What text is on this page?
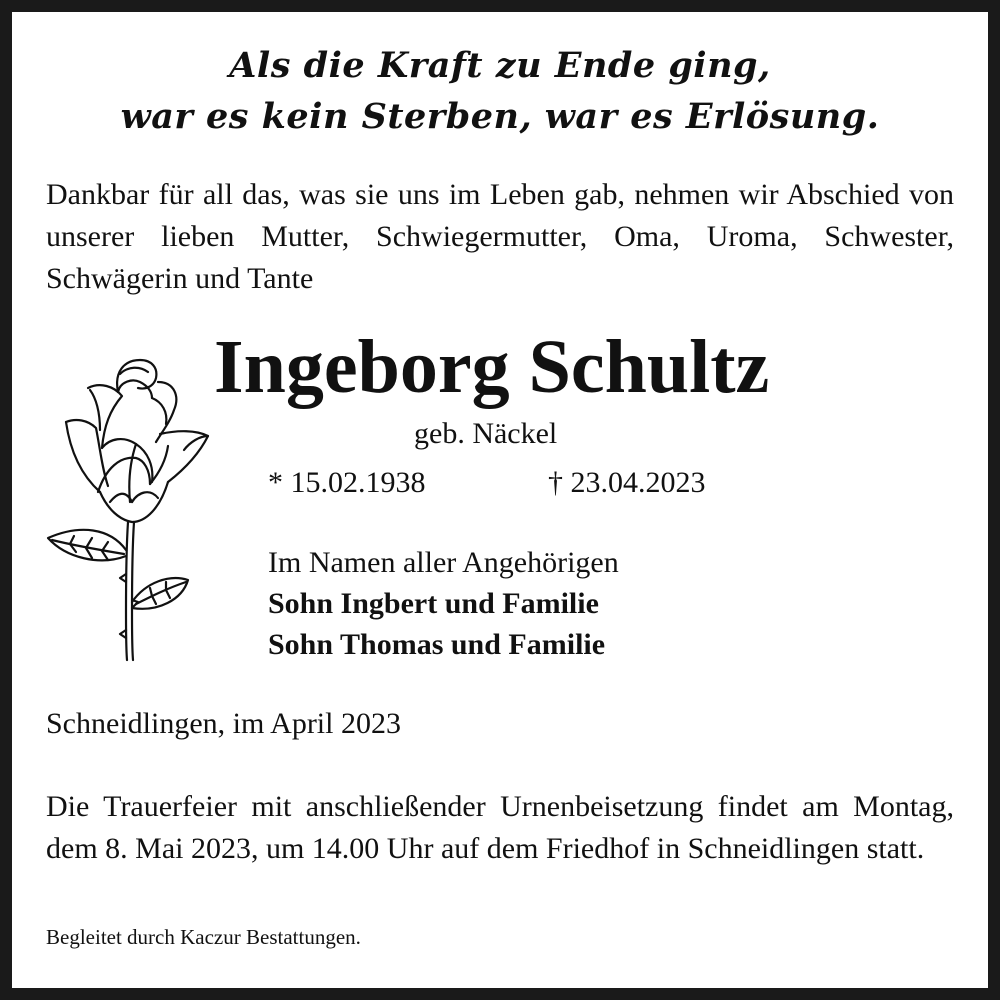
Als die Kraft zu Ende ging,
war es kein Sterben, war es Erlösung.

Dankbar für all das, was sie uns im Leben gab, nehmen wir Abschied von unserer lieben Mutter, Schwiegermutter, Oma, Uroma, Schwester, Schwägerin und Tante

Ingeborg Schultz
geb. Näckel
* 15.02.1938	† 23.04.2023
Im Namen aller Angehörigen
Sohn Ingbert und Familie
Sohn Thomas und Familie
Schneidlingen, im April 2023

Die Trauerfeier mit anschließender Urnenbeisetzung findet am Montag, dem 8. Mai 2023, um 14.00 Uhr auf dem Friedhof in Schneidlingen statt.

Begleitet durch Kaczur Bestattungen.
